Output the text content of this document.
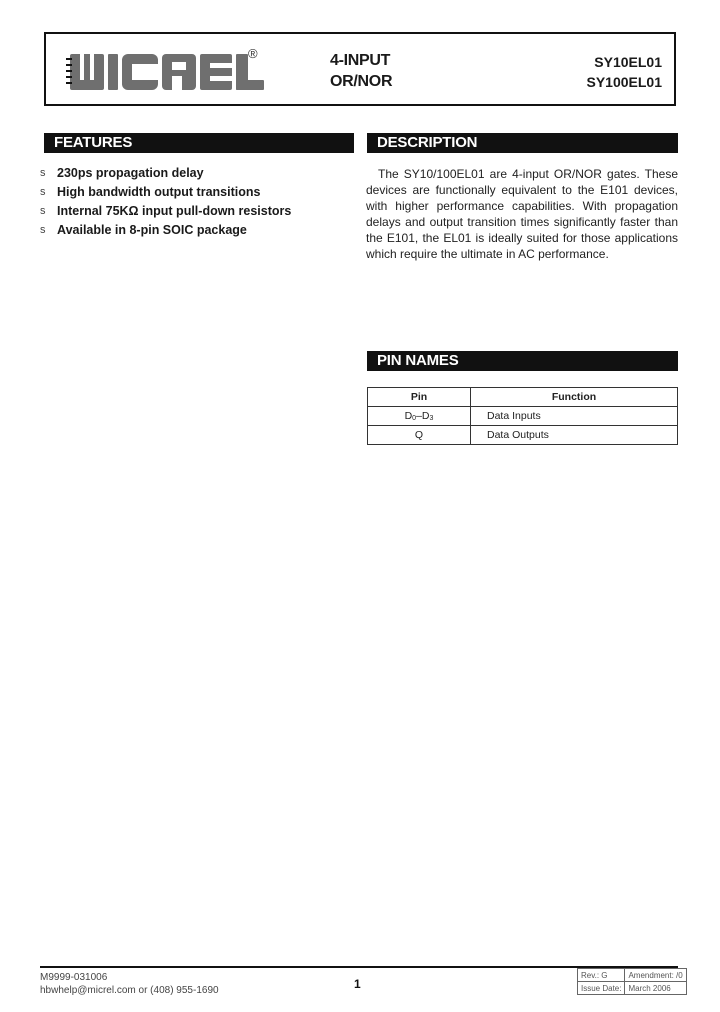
®	4-INPUT
OR/NOR
SY10EL01
SY100EL01
FEATURES	DESCRIPTION
PIN NAMES
s 230ps propagation delay
s High bandwidth output transitions
s Internal 75KΩ input pull-down resistors
s Available in 8-pin SOIC package
The SY10/100EL01 are 4-input OR/NOR gates. These devices are functionally equivalent to the E101 devices, with higher performance capabilities. With propagation delays and output transition times significantly faster than the E101, the EL01 is ideally suited for those applications which require the ultimate in AC performance.
Pin	Function
D0–D3	Data Inputs
Q	Data Outputs
M9999-031006
hbwhelp@micrel.com or (408) 955-1690	1
Rev.: G	Amendment: /0
Issue Date:	March 2006
